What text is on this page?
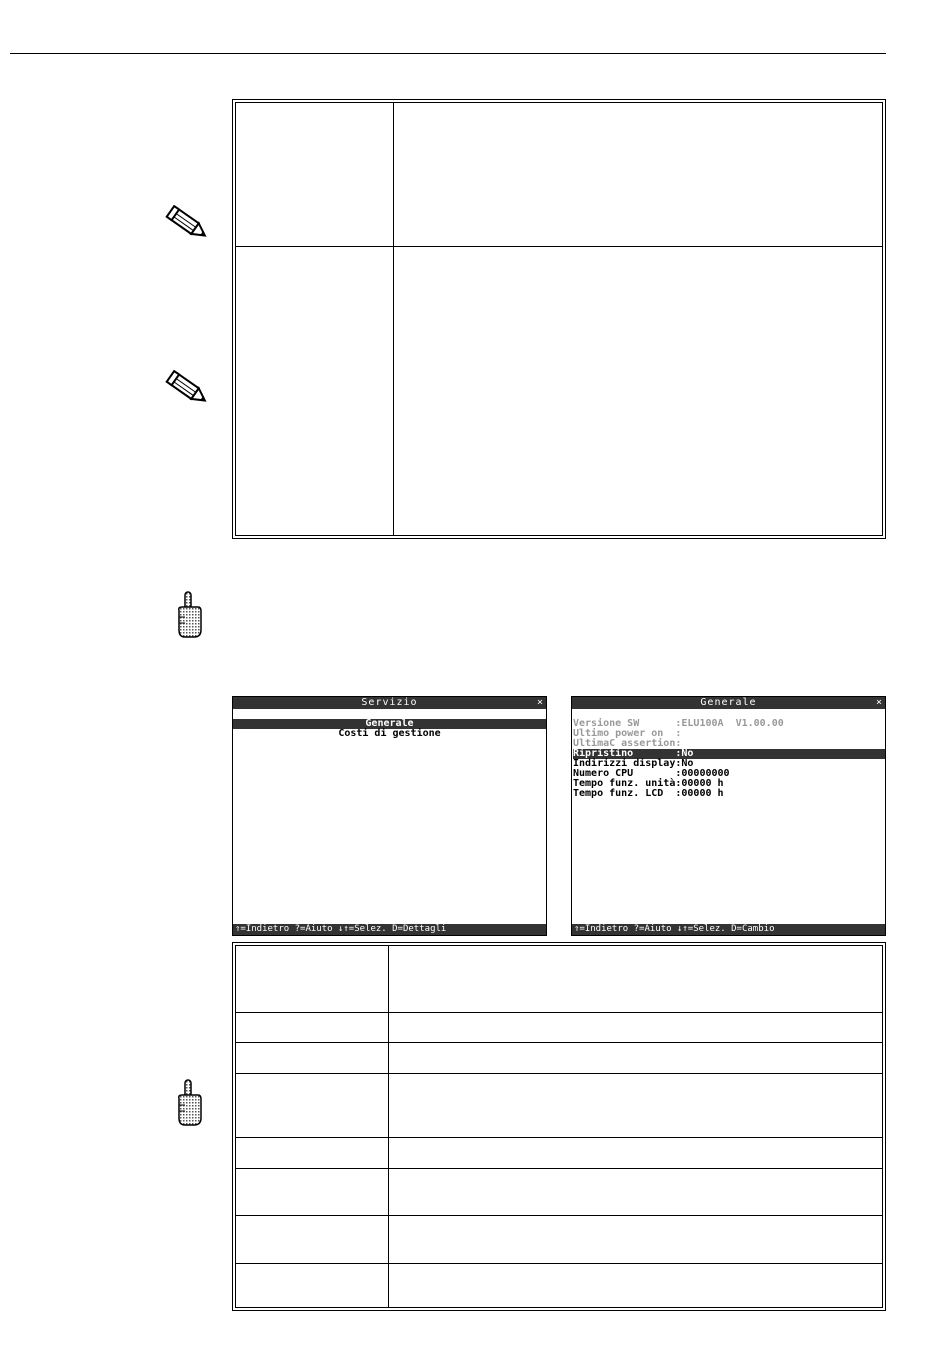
Servizio	×
Generale
Costi di gestione
⇑=Indietro ?=Aiuto ↓↑=Selez. D=Dettagli
Generale	×
Versione SW      :ELU100A  V1.00.00
Ultimo power on  :
UltimaC assertion:
Ripristino       :No
Indirizzi display:No
Numero CPU       :00000000
Tempo funz. unità:00000 h
Tempo funz. LCD  :00000 h
⇑=Indietro ?=Aiuto ↓↑=Selez. D=Cambio
